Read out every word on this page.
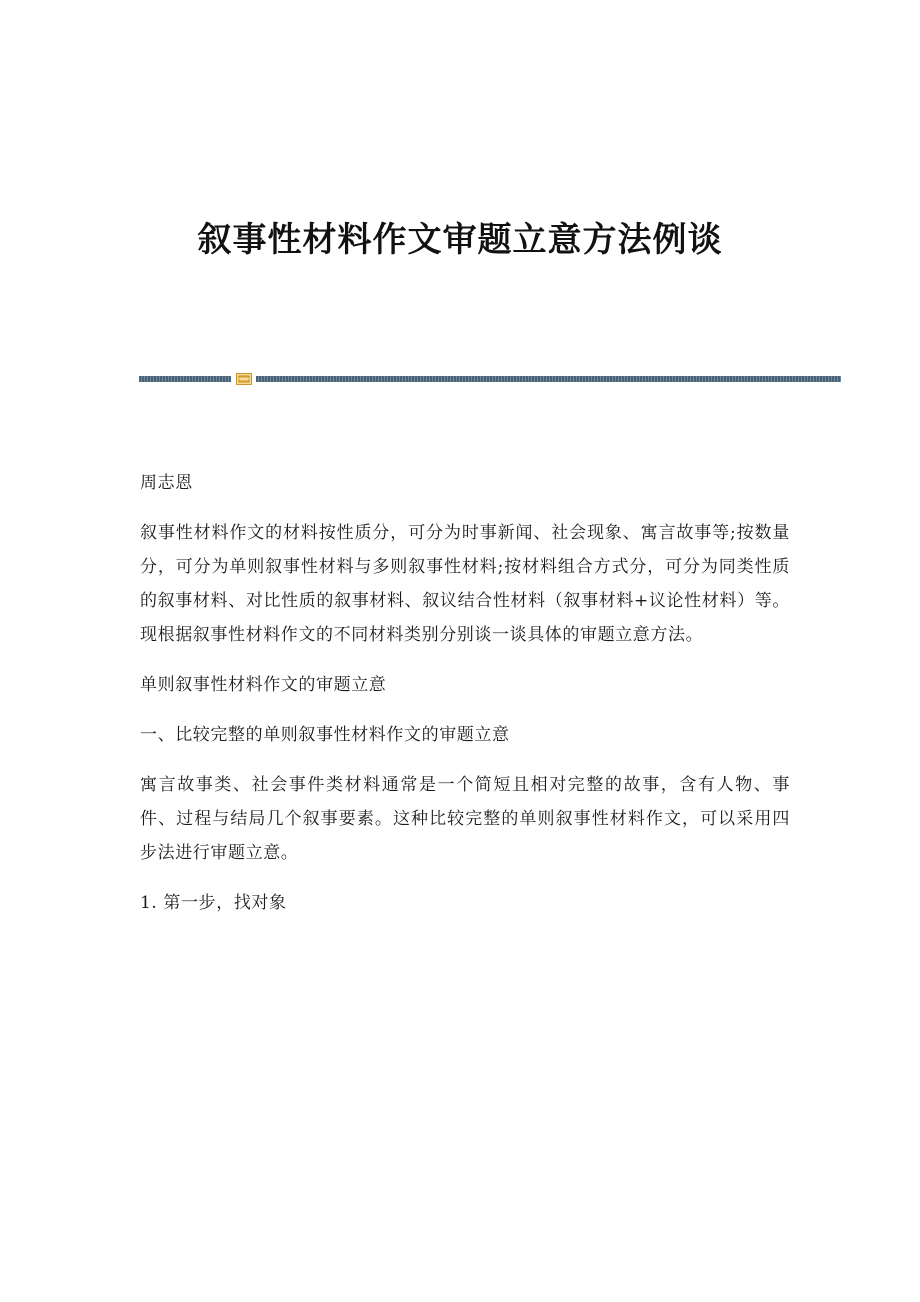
叙事性材料作文审题立意方法例谈

周志恩

叙事性材料作文的材料按性质分，可分为时事新闻、社会现象、寓言故事等;按数量分，可分为单则叙事性材料与多则叙事性材料;按材料组合方式分，可分为同类性质的叙事材料、对比性质的叙事材料、叙议结合性材料（叙事材料+议论性材料）等。现根据叙事性材料作文的不同材料类别分别谈一谈具体的审题立意方法。

单则叙事性材料作文的审题立意

一、比较完整的单则叙事性材料作文的审题立意

寓言故事类、社会事件类材料通常是一个简短且相对完整的故事，含有人物、事件、过程与结局几个叙事要素。这种比较完整的单则叙事性材料作文，可以采用四步法进行审题立意。

1. 第一步，找对象
